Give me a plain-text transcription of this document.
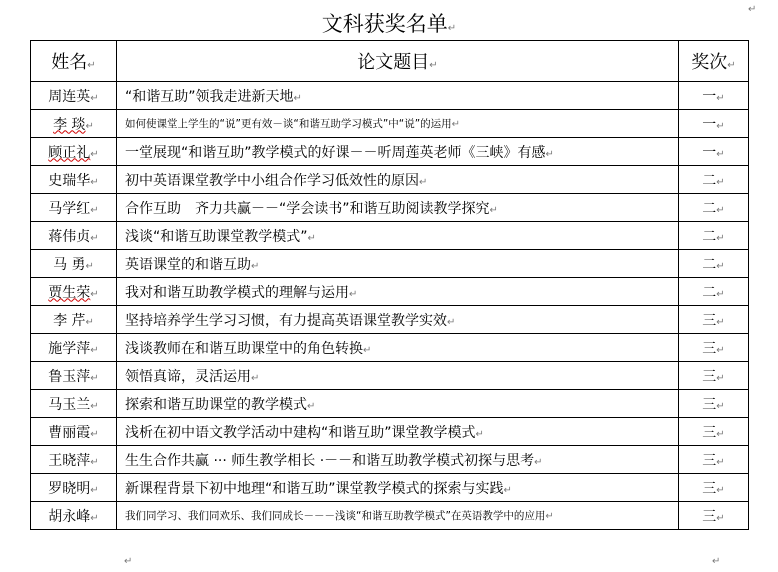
文科获奖名单↵
↵
↵	↵
姓名↵	论文题目↵	奖次↵
周连英↵	“和谐互助”领我走进新天地↵	一↵
李 琰↵	如何使课堂上学生的“说”更有效－谈“和谐互助学习模式”中“说”的运用↵	一↵
顾正礼↵	一堂展现“和谐互助”教学模式的好课－－听周莲英老师《三峡》有感↵	一↵
史瑞华↵	初中英语课堂教学中小组合作学习低效性的原因↵	二↵
马学红↵	合作互助　齐力共赢－－“学会读书”和谐互助阅读教学探究↵	二↵
蒋伟贞↵	浅谈“和谐互助课堂教学模式”↵	二↵
马 勇↵	英语课堂的和谐互助↵	二↵
贾生荣↵	我对和谐互助教学模式的理解与运用↵	二↵
李 芹↵	坚持培养学生学习习惯，有力提高英语课堂教学实效↵	三↵
施学萍↵	浅谈教师在和谐互助课堂中的角色转换↵	三↵
鲁玉萍↵	领悟真谛，灵活运用↵	三↵
马玉兰↵	探索和谐互助课堂的教学模式↵	三↵
曹丽霞↵	浅析在初中语文教学活动中建构“和谐互助”课堂教学模式↵	三↵
王晓萍↵	生生合作共赢 ··· 师生教学相长 ·－－和谐互助教学模式初探与思考↵	三↵
罗晓明↵	新课程背景下初中地理“和谐互助”课堂教学模式的探索与实践↵	三↵
胡永峰↵	我们同学习、我们同欢乐、我们同成长－－－浅谈“和谐互助教学模式”在英语教学中的应用↵	三↵
